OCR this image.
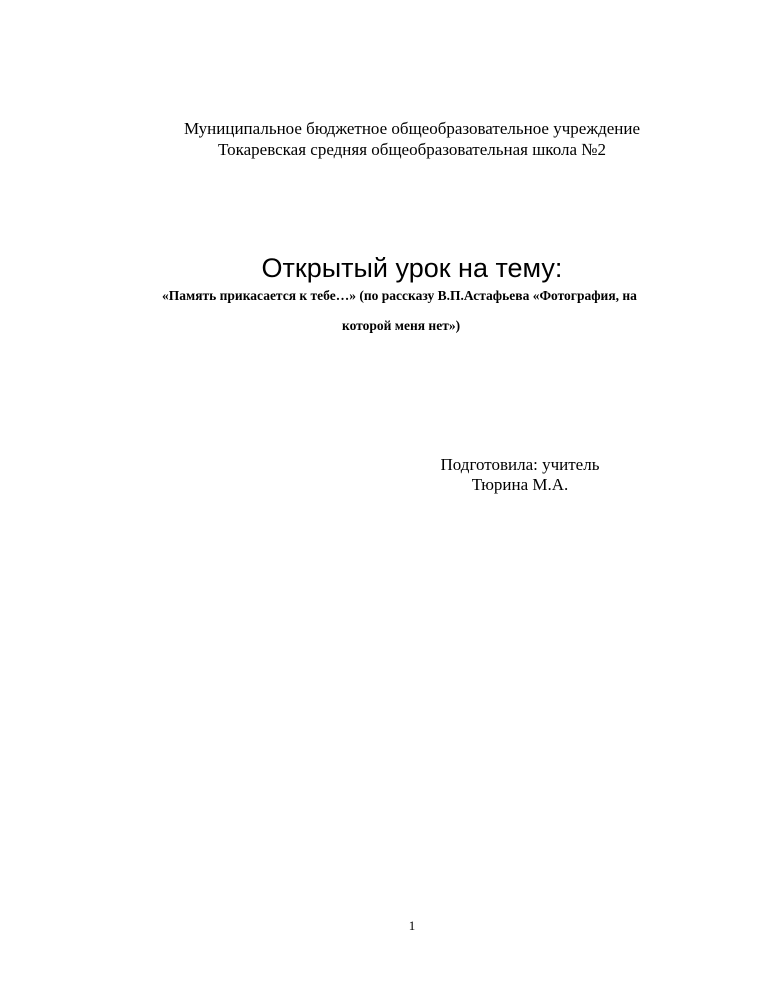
Муниципальное бюджетное общеобразовательное учреждение
Токаревская средняя общеобразовательная школа №2
Открытый урок на тему:
«Память прикасается к тебе…» (по рассказу В.П.Астафьева «Фотография, на
которой меня нет»)
Подготовила: учитель
Тюрина М.А.
1
